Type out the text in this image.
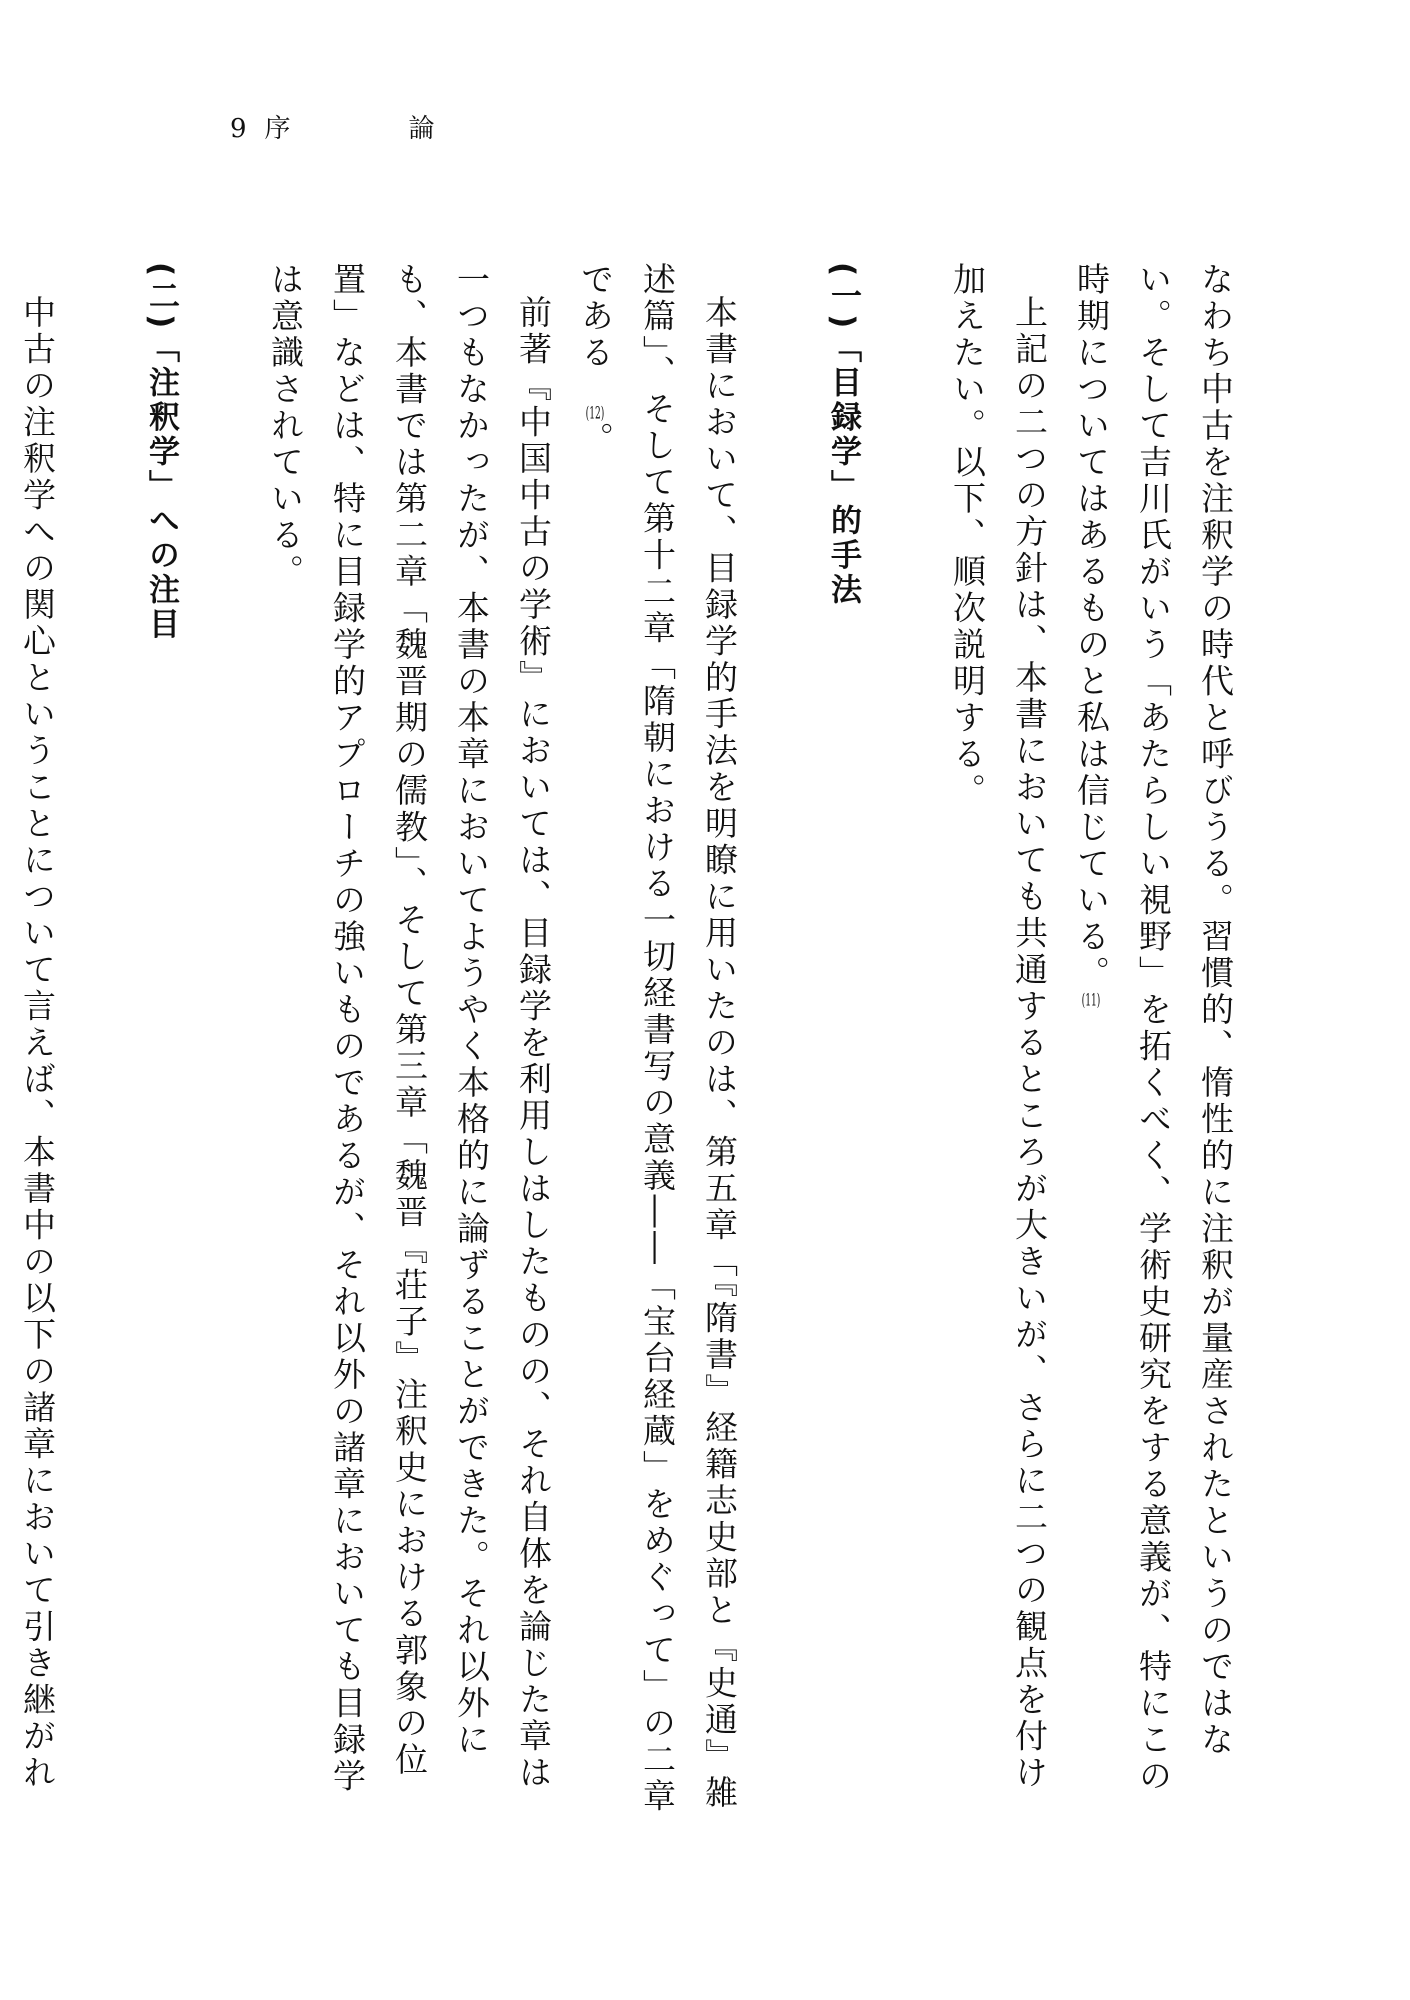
9 序　論

なわち中古を注釈学の時代と呼びうる。習慣的、惰性的に注釈が量産されたというのではない。そして吉川氏がいう「あたらしい視野」を拓くべく、学術史研究をする意義が、特にこの時期についてはあるものと私は信じている。(11)

上記の二つの方針は、本書においても共通するところが大きいが、さらに二つの観点を付け加えたい。以下、順次説明する。

(一)「目録学」的手法

本書において、目録学的手法を明瞭に用いたのは、第五章「『隋書』経籍志史部と『史通』雑述篇」、そして第十二章「隋朝における一切経書写の意義――「宝台経蔵」をめぐって」の二章である(12)。

前著『中国中古の学術』においては、目録学を利用しはしたものの、それ自体を論じた章は一つもなかったが、本書の本章においてようやく本格的に論ずることができた。それ以外にも、本書では第二章「魏晋期の儒教」、そして第三章「魏晋『荘子』注釈史における郭象の位置」などは、特に目録学的アプローチの強いものであるが、それ以外の諸章においても目録学は意識されている。

(二)「注釈学」への注目

中古の注釈学への関心ということについて言えば、本書中の以下の諸章において引き継がれ
